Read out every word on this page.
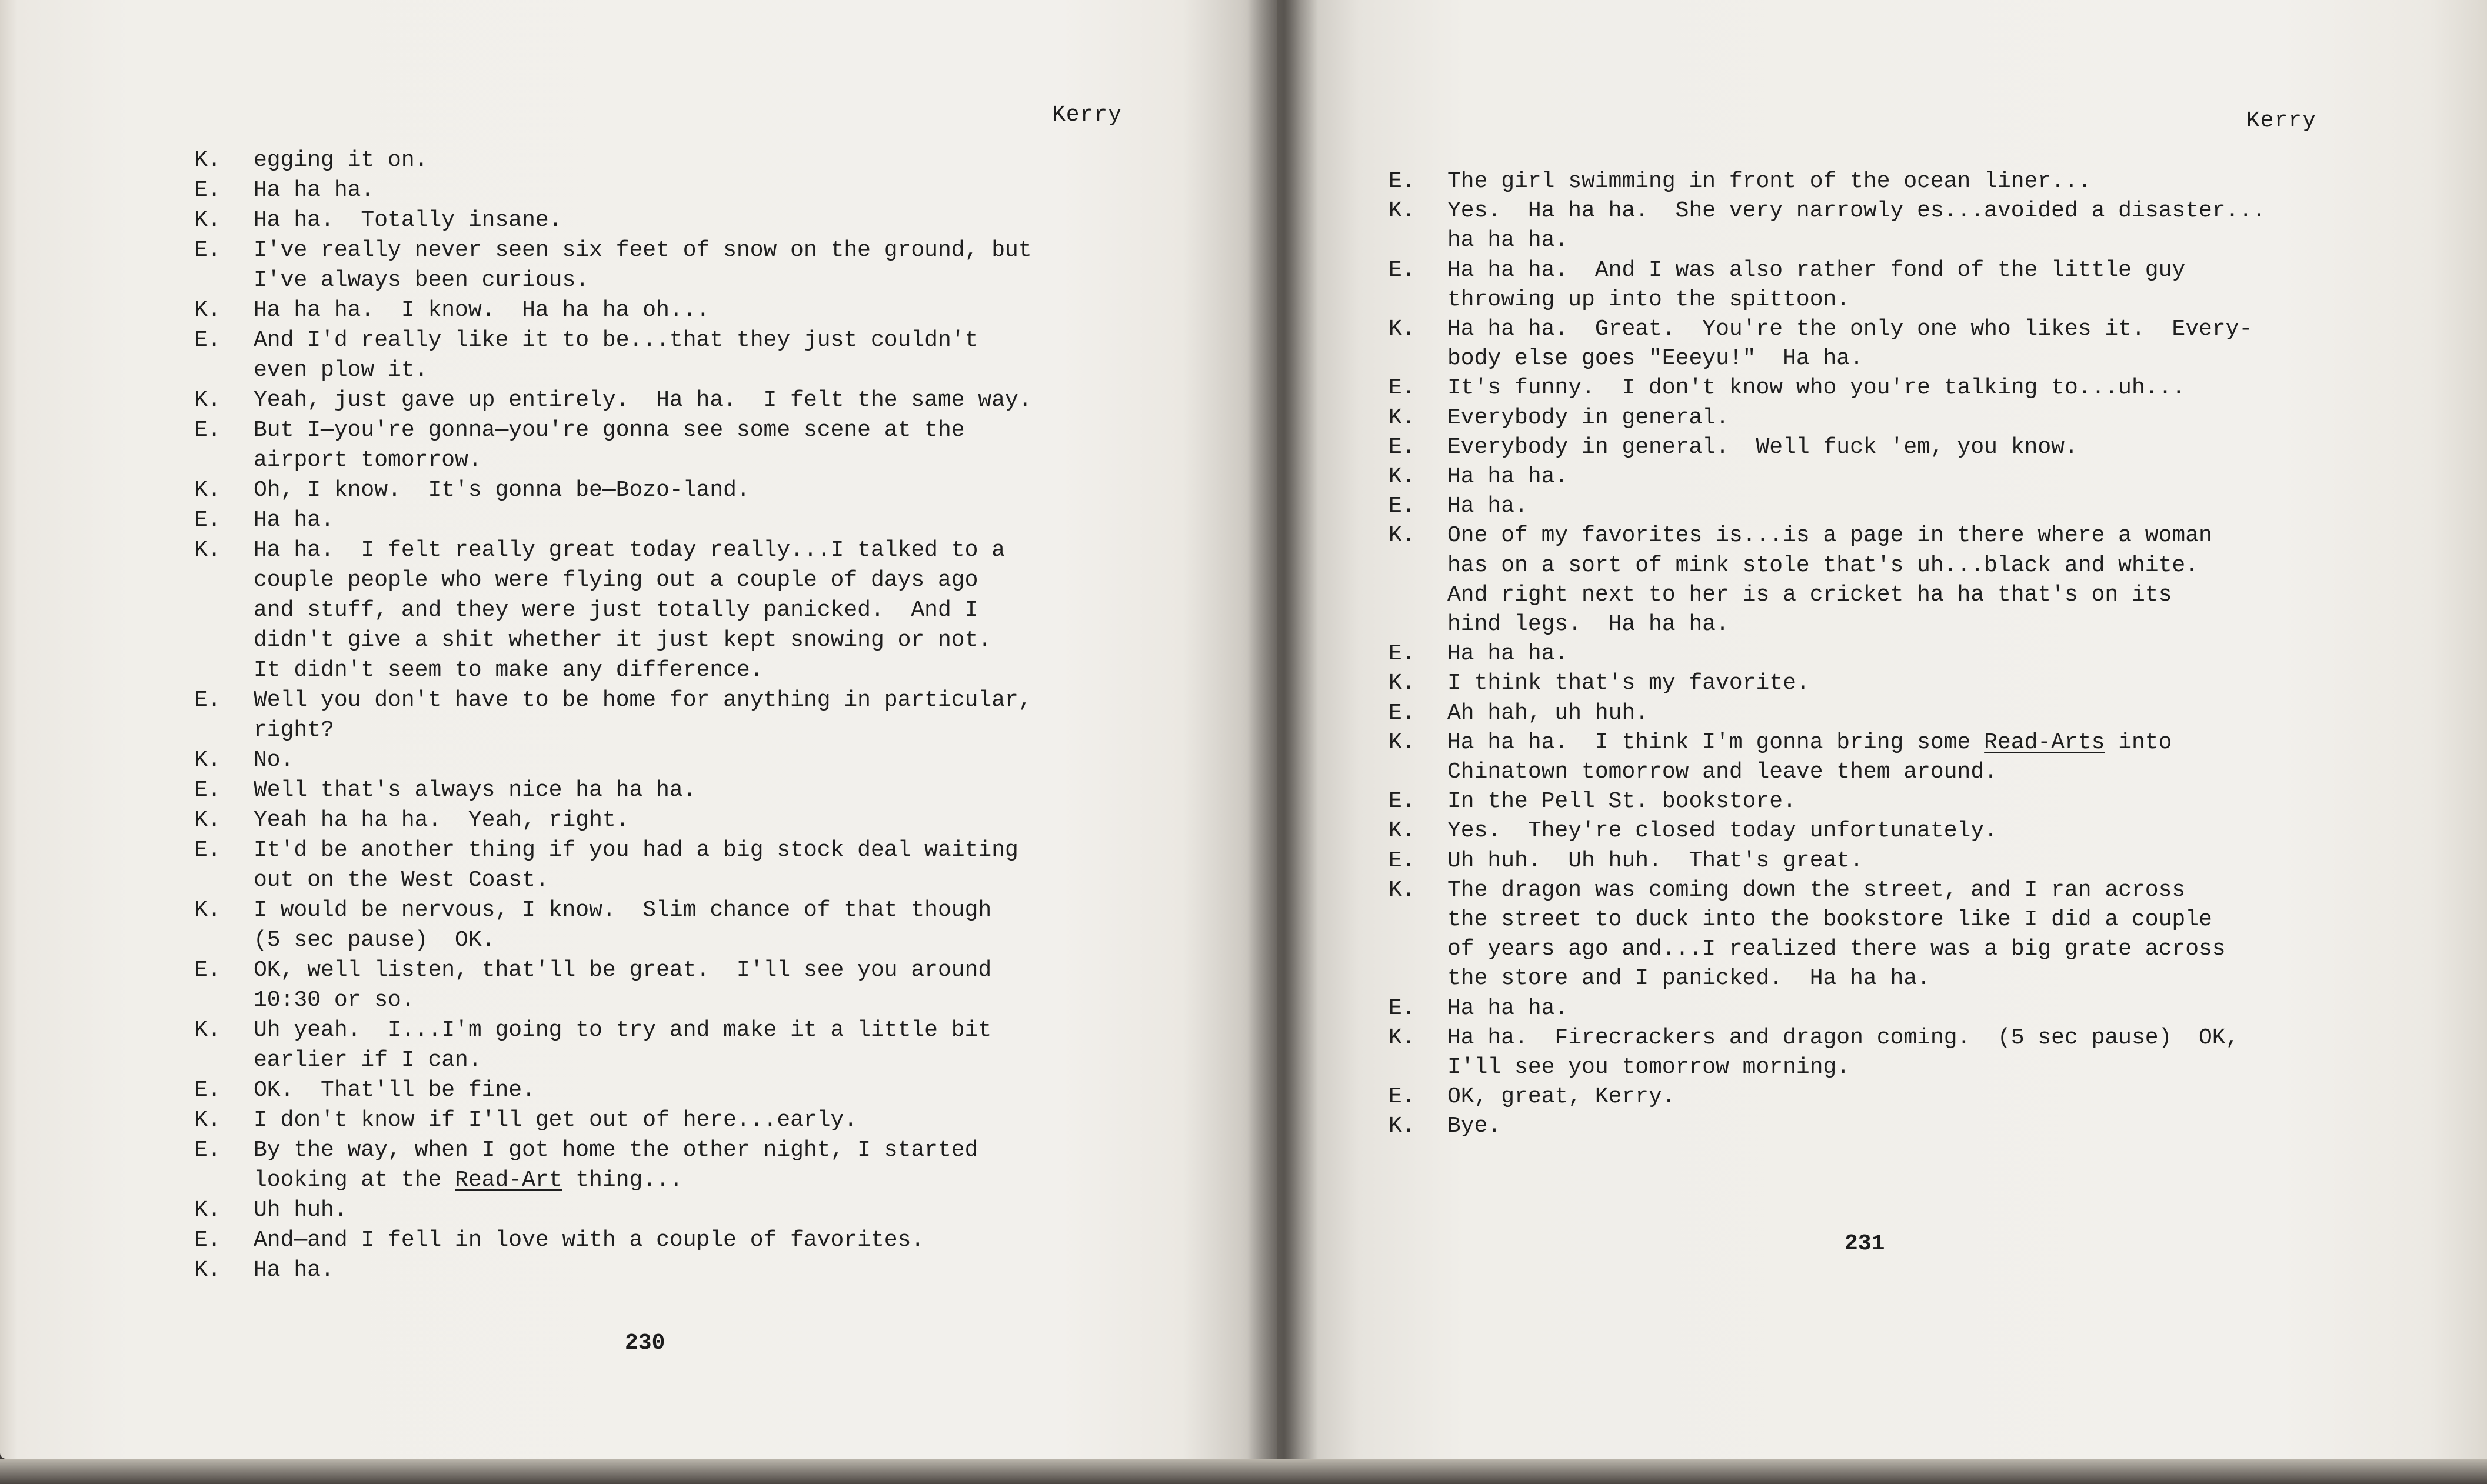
Kerry
K. egging it on.
E. Ha ha ha.
K. Ha ha.  Totally insane.
E. I've really never seen six feet of snow on the ground, but
I've always been curious.
K. Ha ha ha.  I know.  Ha ha ha oh...
E. And I'd really like it to be...that they just couldn't
even plow it.
K. Yeah, just gave up entirely.  Ha ha.  I felt the same way.
E. But I—you're gonna—you're gonna see some scene at the
airport tomorrow.
K. Oh, I know.  It's gonna be—Bozo-land.
E. Ha ha.
K. Ha ha.  I felt really great today really...I talked to a
couple people who were flying out a couple of days ago
and stuff, and they were just totally panicked.  And I
didn't give a shit whether it just kept snowing or not.
It didn't seem to make any difference.
E. Well you don't have to be home for anything in particular,
right?
K. No.
E. Well that's always nice ha ha ha.
K. Yeah ha ha ha.  Yeah, right.
E. It'd be another thing if you had a big stock deal waiting
out on the West Coast.
K. I would be nervous, I know.  Slim chance of that though
(5 sec pause)  OK.
E. OK, well listen, that'll be great.  I'll see you around
10:30 or so.
K. Uh yeah.  I...I'm going to try and make it a little bit
earlier if I can.
E. OK.  That'll be fine.
K. I don't know if I'll get out of here...early.
E. By the way, when I got home the other night, I started
looking at the Read-Art thing...
K. Uh huh.
E. And—and I fell in love with a couple of favorites.
K. Ha ha.
230
Kerry
E. The girl swimming in front of the ocean liner...
K. Yes.  Ha ha ha.  She very narrowly es...avoided a disaster...
ha ha ha.
E. Ha ha ha.  And I was also rather fond of the little guy
throwing up into the spittoon.
K. Ha ha ha.  Great.  You're the only one who likes it.  Every-
body else goes "Eeeyu!"  Ha ha.
E. It's funny.  I don't know who you're talking to...uh...
K. Everybody in general.
E. Everybody in general.  Well fuck 'em, you know.
K. Ha ha ha.
E. Ha ha.
K. One of my favorites is...is a page in there where a woman
has on a sort of mink stole that's uh...black and white.
And right next to her is a cricket ha ha that's on its
hind legs.  Ha ha ha.
E. Ha ha ha.
K. I think that's my favorite.
E. Ah hah, uh huh.
K. Ha ha ha.  I think I'm gonna bring some Read-Arts into
Chinatown tomorrow and leave them around.
E. In the Pell St. bookstore.
K. Yes.  They're closed today unfortunately.
E. Uh huh.  Uh huh.  That's great.
K. The dragon was coming down the street, and I ran across
the street to duck into the bookstore like I did a couple
of years ago and...I realized there was a big grate across
the store and I panicked.  Ha ha ha.
E. Ha ha ha.
K. Ha ha.  Firecrackers and dragon coming.  (5 sec pause)  OK,
I'll see you tomorrow morning.
E. OK, great, Kerry.
K. Bye.
231
